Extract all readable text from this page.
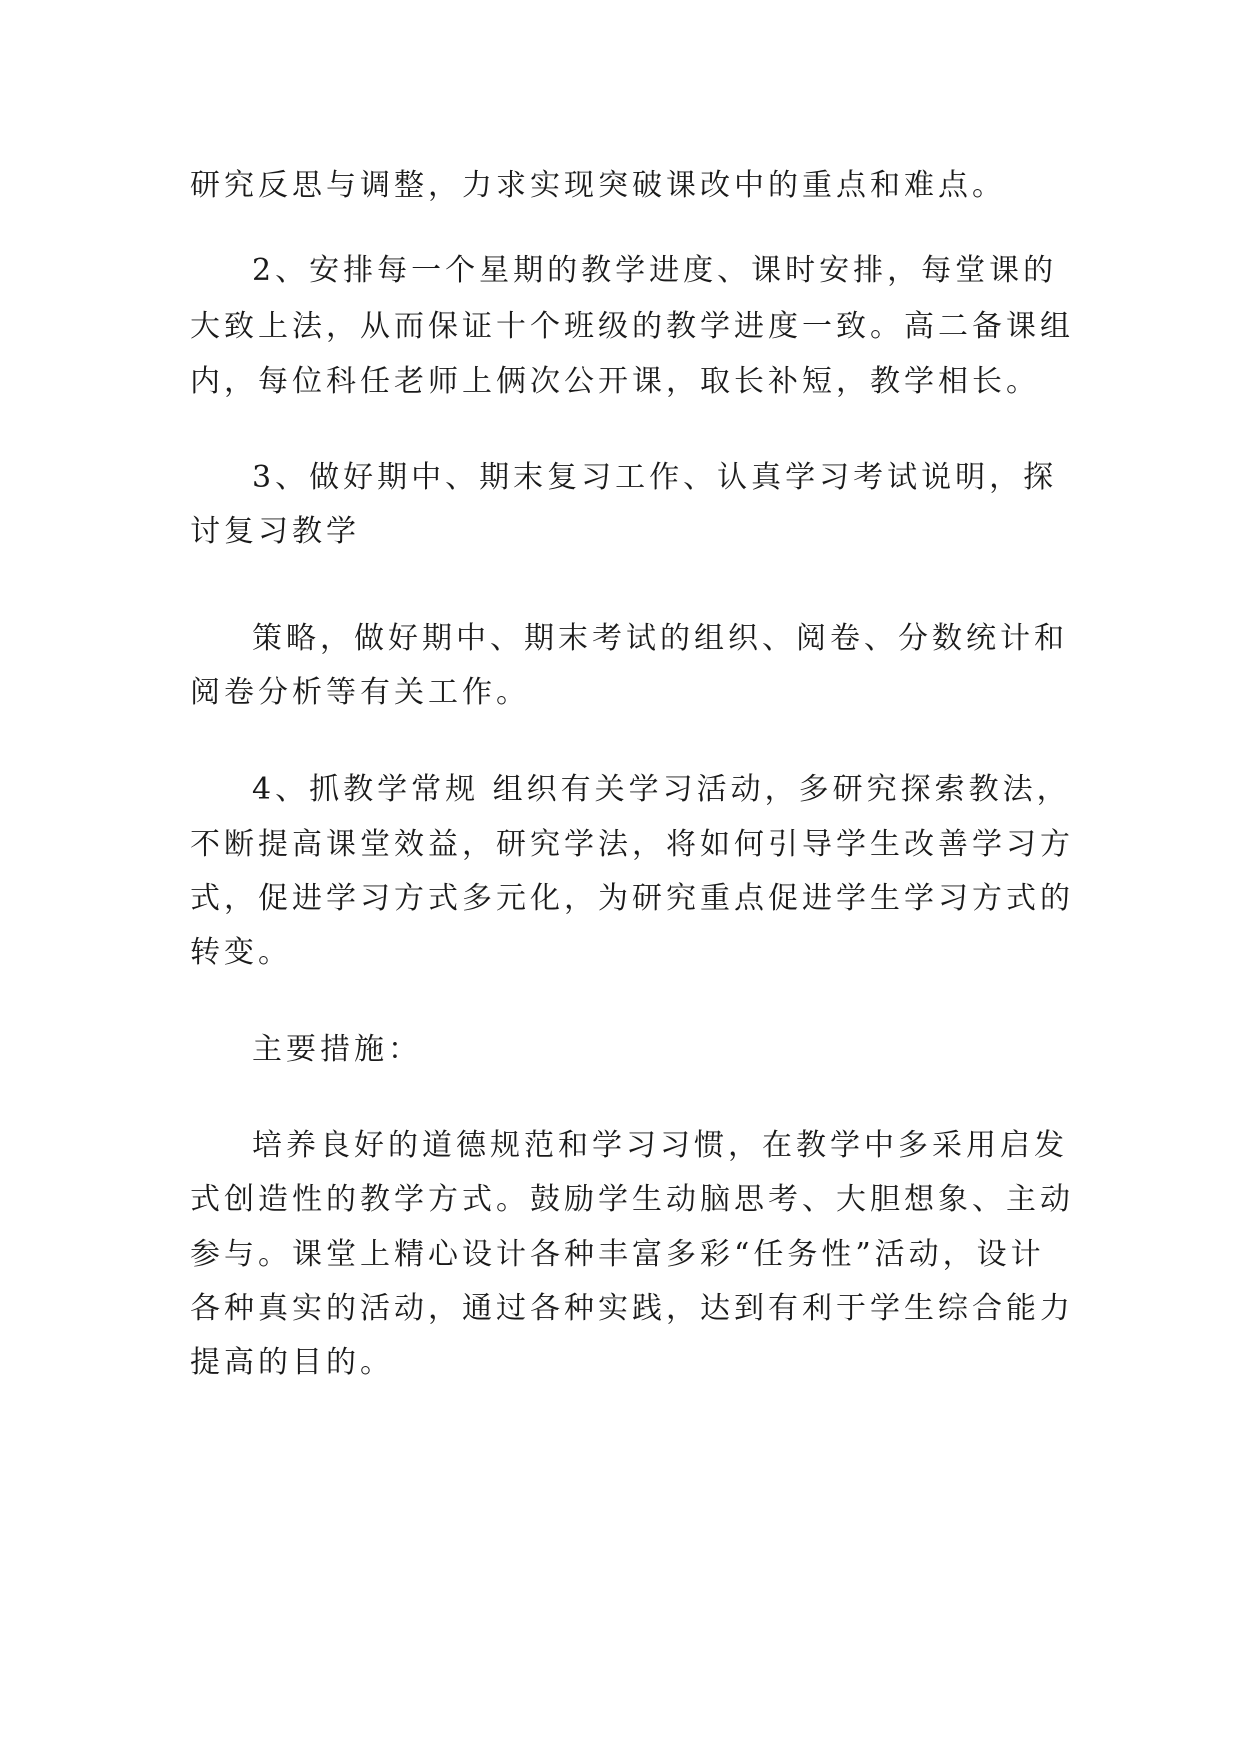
研究反思与调整，力求实现突破课改中的重点和难点。

2、安排每一个星期的教学进度、课时安排，每堂课的

大致上法，从而保证十个班级的教学进度一致。高二备课组

内，每位科任老师上俩次公开课，取长补短，教学相长。

3、做好期中、期末复习工作、认真学习考试说明，探

讨复习教学

策略，做好期中、期末考试的组织、阅卷、分数统计和

阅卷分析等有关工作。

4、抓教学常规 组织有关学习活动，多研究探索教法，

不断提高课堂效益，研究学法，将如何引导学生改善学习方

式，促进学习方式多元化，为研究重点促进学生学习方式的

转变。

主要措施：

培养良好的道德规范和学习习惯，在教学中多采用启发

式创造性的教学方式。鼓励学生动脑思考、大胆想象、主动

参与。课堂上精心设计各种丰富多彩“任务性”活动，设计

各种真实的活动，通过各种实践，达到有利于学生综合能力

提高的目的。
